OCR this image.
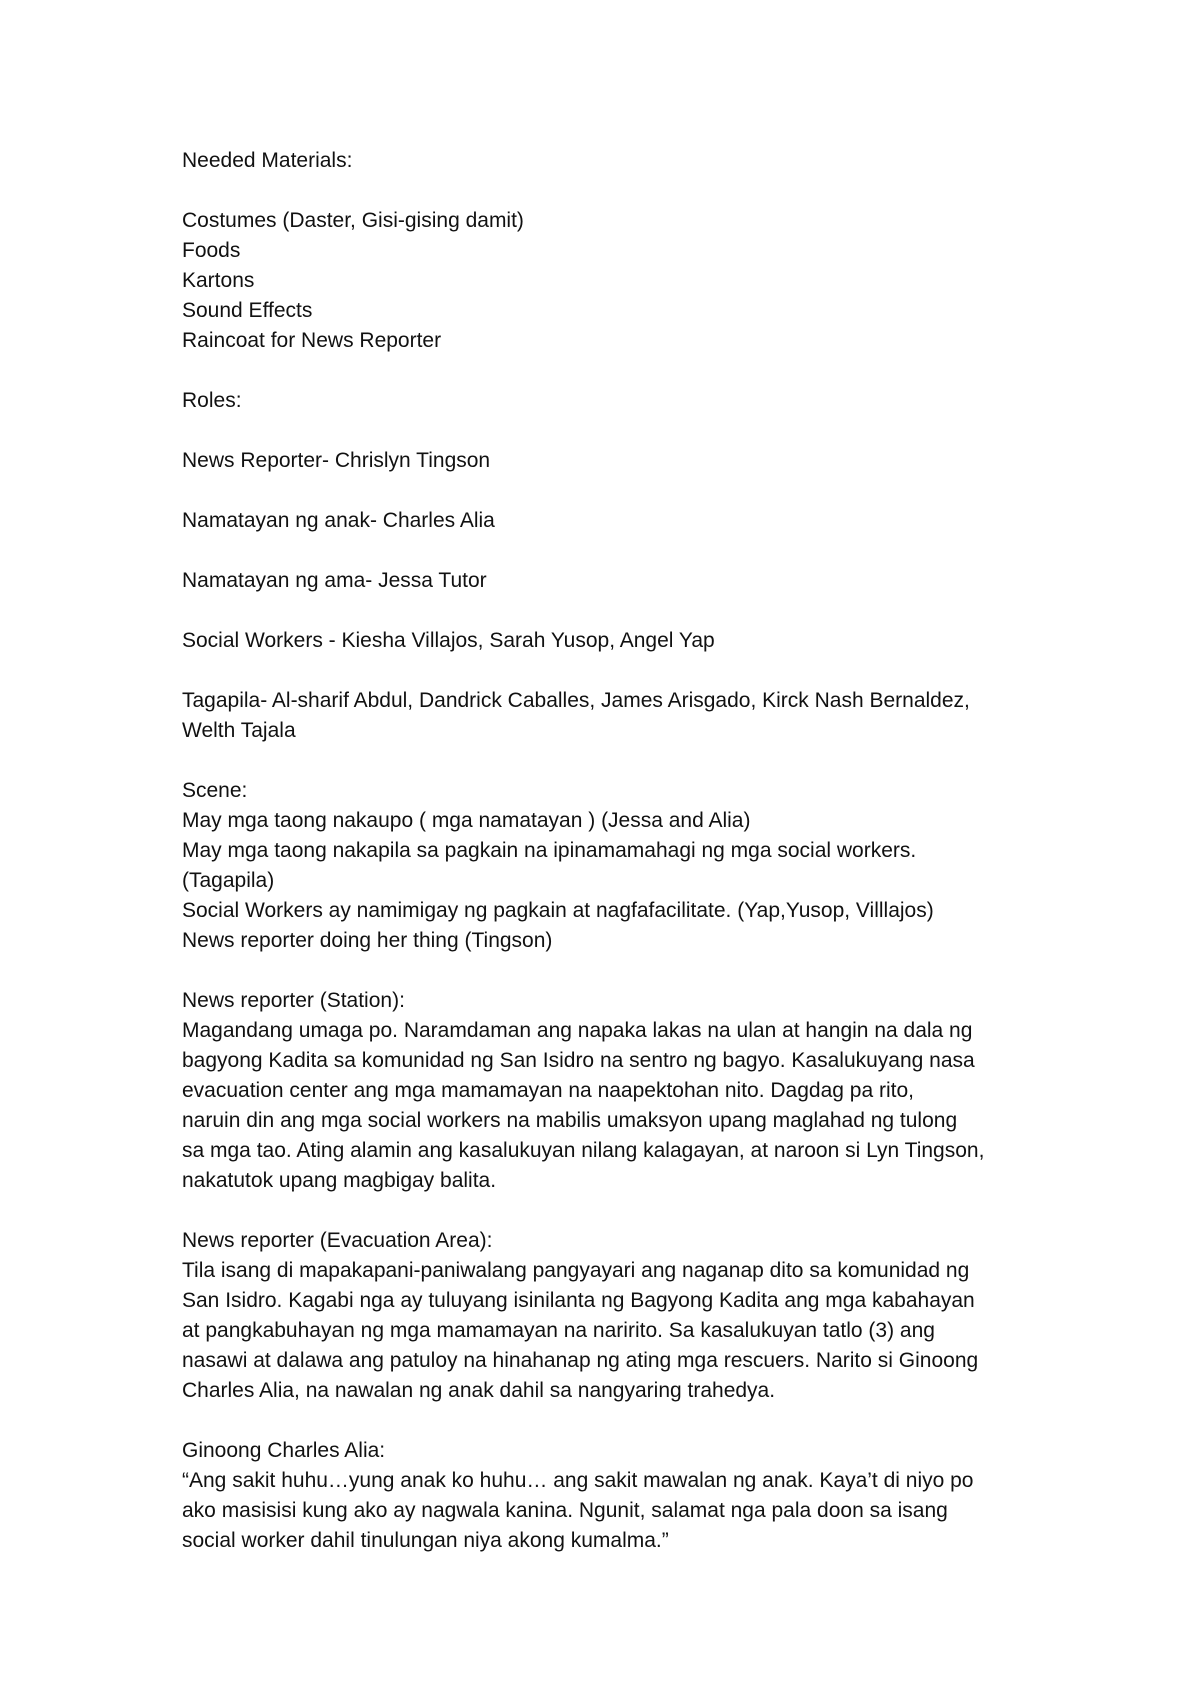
Needed Materials:
Costumes (Daster, Gisi-gising damit)
Foods
Kartons
Sound Effects
Raincoat for News Reporter
Roles:
News Reporter- Chrislyn Tingson
Namatayan ng anak- Charles Alia
Namatayan ng ama- Jessa Tutor
Social Workers - Kiesha Villajos, Sarah Yusop, Angel Yap
Tagapila- Al-sharif Abdul, Dandrick Caballes, James Arisgado, Kirck Nash Bernaldez,
Welth Tajala
Scene:
May mga taong nakaupo ( mga namatayan ) (Jessa and Alia)
May mga taong nakapila sa pagkain na ipinamamahagi ng mga social workers.
(Tagapila)
Social Workers ay namimigay ng pagkain at nagfafacilitate. (Yap,Yusop, Villlajos)
News reporter doing her thing (Tingson)
News reporter (Station):
Magandang umaga po. Naramdaman ang napaka lakas na ulan at hangin na dala ng
bagyong Kadita sa komunidad ng San Isidro na sentro ng bagyo. Kasalukuyang nasa
evacuation center ang mga mamamayan na naapektohan nito. Dagdag pa rito,
naruin din ang mga social workers na mabilis umaksyon upang maglahad ng tulong
sa mga tao. Ating alamin ang kasalukuyan nilang kalagayan, at naroon si Lyn Tingson,
nakatutok upang magbigay balita.
News reporter (Evacuation Area):
Tila isang di mapakapani-paniwalang pangyayari ang naganap dito sa komunidad ng
San Isidro. Kagabi nga ay tuluyang isinilanta ng Bagyong Kadita ang mga kabahayan
at pangkabuhayan ng mga mamamayan na naririto. Sa kasalukuyan tatlo (3) ang
nasawi at dalawa ang patuloy na hinahanap ng ating mga rescuers. Narito si Ginoong
Charles Alia, na nawalan ng anak dahil sa nangyaring trahedya.
Ginoong Charles Alia:
“Ang sakit huhu…yung anak ko huhu… ang sakit mawalan ng anak. Kaya’t di niyo po
ako masisisi kung ako ay nagwala kanina. Ngunit, salamat nga pala doon sa isang
social worker dahil tinulungan niya akong kumalma.”
